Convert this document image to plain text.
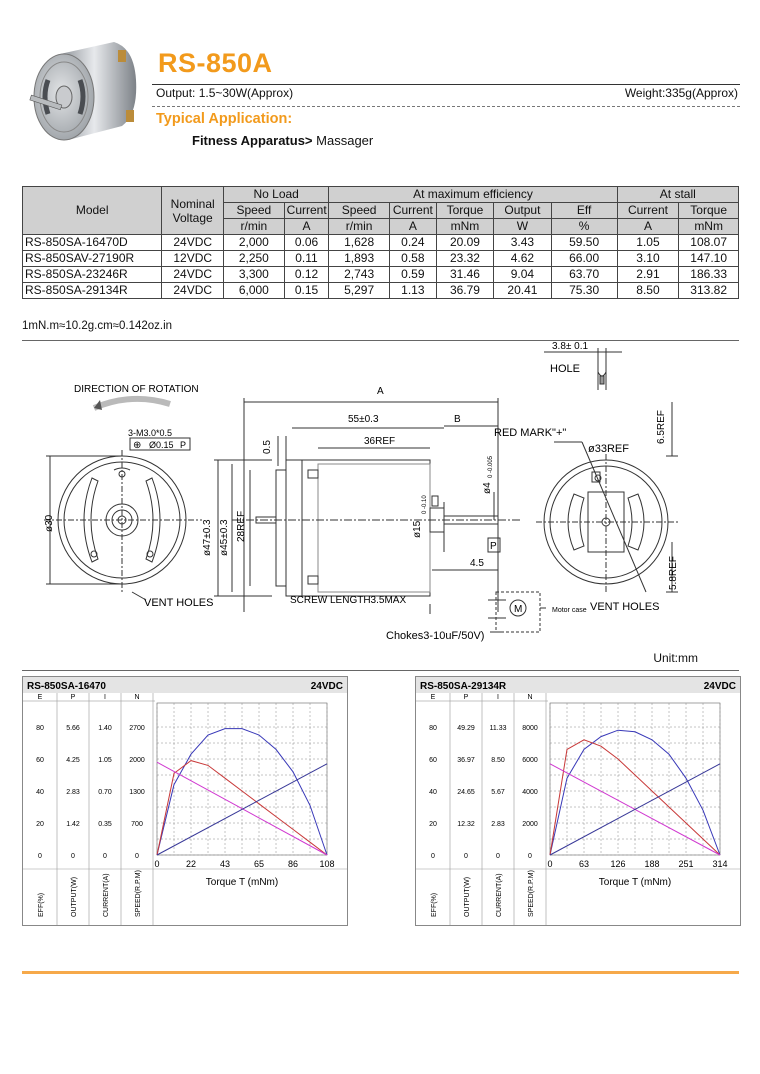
RS-850A
Output: 1.5~30W(Approx)	Weight:335g(Approx)
Typical Application:
Fitness Apparatus> Massager
Model	Nominal Voltage	No Load		At maximum efficiency					At stall	
		Speed	Current	Speed	Current	Torque	Output	Eff	Current	Torque
		r/min	A	r/min	A	mNm	W	%	A	mNm
RS-850SA-16470D	24VDC	2,000	0.06	1,628	0.24	20.09	3.43	59.50	1.05	108.07
RS-850SAV-27190R	12VDC	2,250	0.11	1,893	0.58	23.32	4.62	66.00	3.10	147.10
RS-850SA-23246R	24VDC	3,300	0.12	2,743	0.59	31.46	9.04	63.70	2.91	186.33
RS-850SA-29134R	24VDC	6,000	0.15	5,297	1.13	36.79	20.41	75.30	8.50	313.82
1mN.m≈10.2g.cm≈0.142oz.in
DIRECTION OF ROTATION
3-M3.0*0.5
⊕ Ø0.15 P
ø30
VENT HOLES
A
55±0.3	B
36REF
0.5
ø47±0.3 ø45±0.3 28REF	ø15
0 -0.10
ø4
0 -0.005
P
4.5
SCREW LENGTH3.5MAX
RED MARK"+"
ø33REF
3.8± 0.1
HOLE
6.5REF
5.8REF
VENT HOLES
M	Motor case
Chokes3-10uF/50V)
Unit:mm
RS-850SA-16470	24VDC
E	P	I	N
80	5.66	1.40 2700
60	4.25	1.05 2000
40	2.83	0.70 1300
20	1.42	0.35	700
0	0	0	0
EFF(%)	OUTPUT(W)	CURRENT(A)	SPEED(R.P.M)
0	22	43	65	86 108
Torque T (mNm)
RS-850SA-29134R	24VDC
E	P	I	N
80	49.29 11.33 8000
60	36.97 8.50 6000
40	24.65 5.67 4000
20	12.32 2.83 2000
0	0	0	0
EFF(%)	OUTPUT(W)	CURRENT(A)	SPEED(R.P.M)
0	63 126 188 251 314
Torque T (mNm)
